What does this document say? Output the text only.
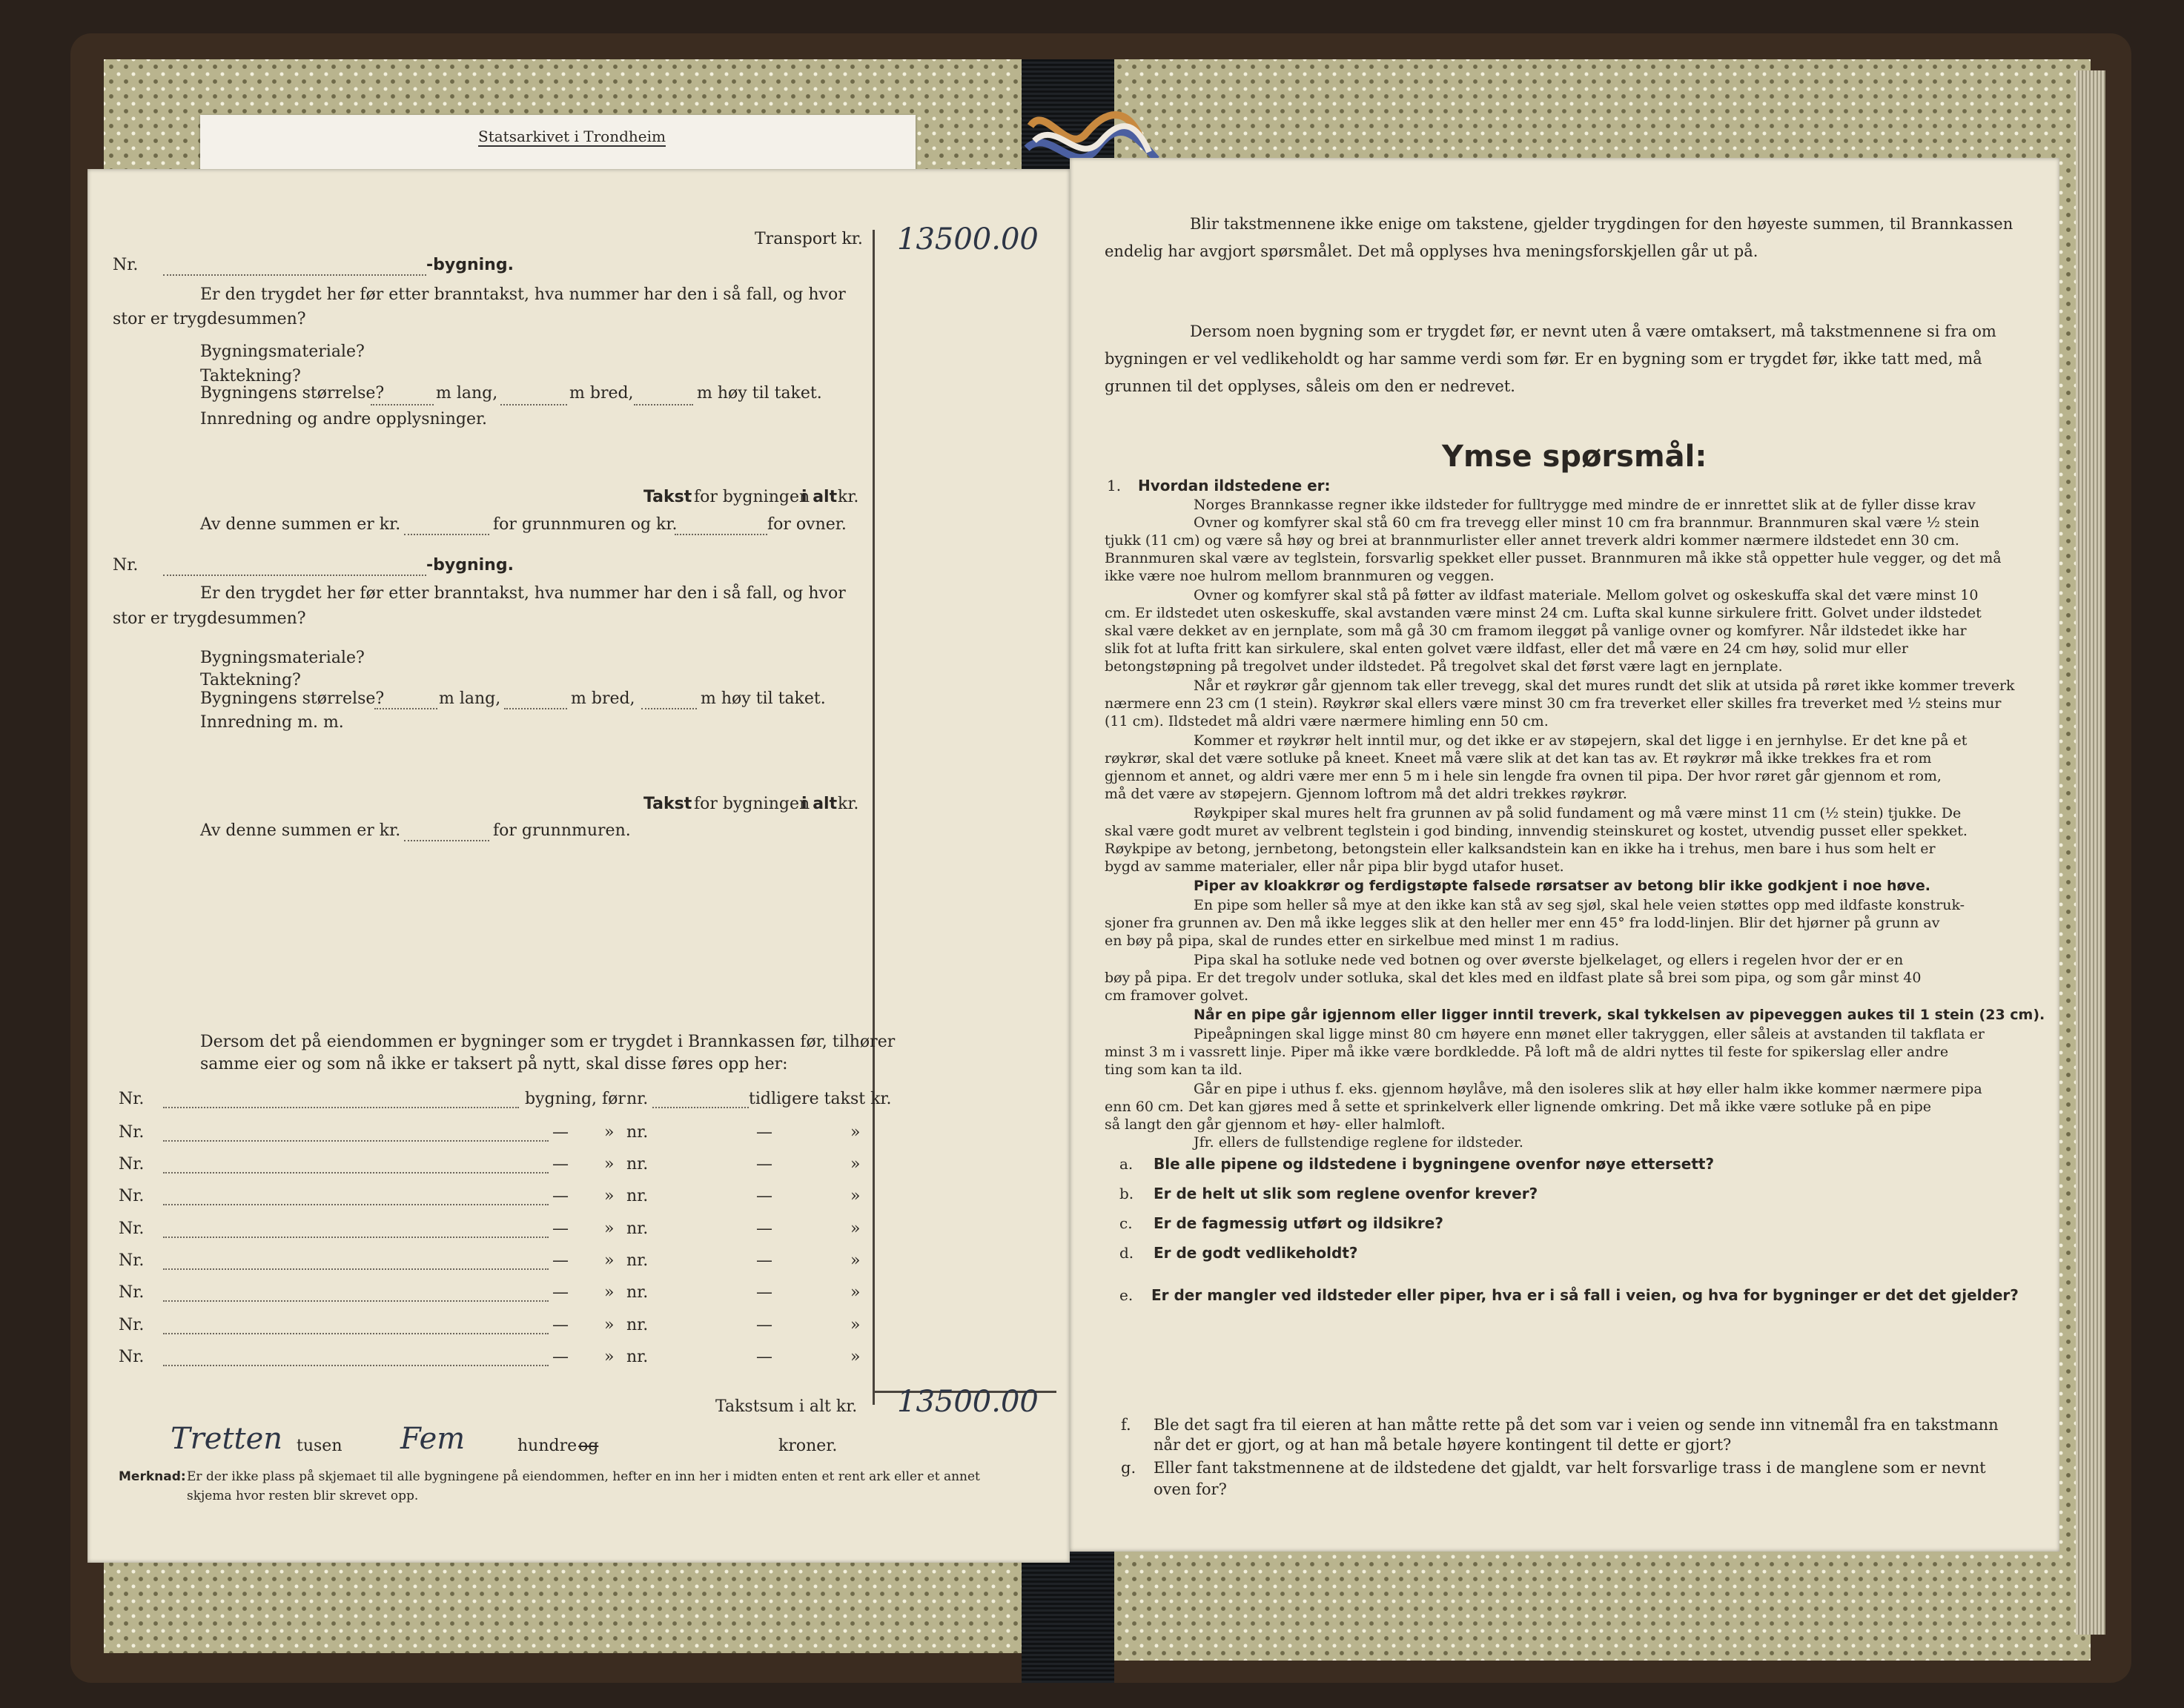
Statsarkivet i Trondheim
Transport kr. 13500.00
Nr.	-bygning.
Er den trygdet her før etter branntakst, hva nummer har den i så fall, og hvor
stor er trygdesummen?
Bygningsmateriale?
Taktekning?
Bygningens størrelse?	m lang,	m bred,	m høy til taket.
Innredning og andre opplysninger.
Takst for bygningen
i alt kr.
Av denne summen er kr.	for grunnmuren og kr.	for ovner.
Nr.	-bygning.
Er den trygdet her før etter branntakst, hva nummer har den i så fall, og hvor
stor er trygdesummen?
Bygningsmateriale?
Taktekning?
Bygningens størrelse?	m lang,	m bred,	m høy til taket.
Innredning m. m.
Takst for bygningen
i alt kr.
Av denne summen er kr.	for grunnmuren.
Dersom det på eiendommen er bygninger som er trygdet i Brannkassen før, tilhører
samme eier og som nå ikke er taksert på nytt, skal disse føres opp her:
Nr.	bygning, før nr.	tidligere takst kr.
Nr.	— » nr.	—	»
Nr.	— » nr.	—	»
Nr.	— » nr.	—	»
Nr.	— » nr.	—	»
Nr.	— » nr.	—	»
Nr.	— » nr.	—	»
Nr.	— » nr.	—	»
Nr.	— » nr.	—	»
Takstsum i alt kr. 13500.00
Tretten tusen Fem	hundre og	kroner.
Merknad: Er der ikke plass på skjemaet til alle bygningene på eiendommen, hefter en inn her i midten enten et rent ark eller et annet
skjema hvor resten blir skrevet opp.
Blir takstmennene ikke enige om takstene, gjelder trygdingen for den høyeste summen, til Brannkassen
endelig har avgjort spørsmålet. Det må opplyses hva meningsforskjellen går ut på.
Dersom noen bygning som er trygdet før, er nevnt uten å være omtaksert, må takstmennene si fra om
bygningen er vel vedlikeholdt og har samme verdi som før. Er en bygning som er trygdet før, ikke tatt med, må
grunnen til det opplyses, såleis om den er nedrevet.
Ymse spørsmål:
1. Hvordan ildstedene er:
Norges Brannkasse regner ikke ildsteder for fulltrygge med mindre de er innrettet slik at de fyller disse krav
Ovner og komfyrer skal stå 60 cm fra trevegg eller minst 10 cm fra brannmur. Brannmuren skal være ½ stein
tjukk (11 cm) og være så høy og brei at brannmurlister eller annet treverk aldri kommer nærmere ildstedet enn 30 cm.
Brannmuren skal være av teglstein, forsvarlig spekket eller pusset. Brannmuren må ikke stå oppetter hule vegger, og det må
ikke være noe hulrom mellom brannmuren og veggen.
Ovner og komfyrer skal stå på føtter av ildfast materiale. Mellom golvet og oskeskuffa skal det være minst 10
cm. Er ildstedet uten oskeskuffe, skal avstanden være minst 24 cm. Lufta skal kunne sirkulere fritt. Golvet under ildstedet
skal være dekket av en jernplate, som må gå 30 cm framom ileggøt på vanlige ovner og komfyrer. Når ildstedet ikke har
slik fot at lufta fritt kan sirkulere, skal enten golvet være ildfast, eller det må være en 24 cm høy, solid mur eller
betongstøpning på tregolvet under ildstedet. På tregolvet skal det først være lagt en jernplate.
Når et røykrør går gjennom tak eller trevegg, skal det mures rundt det slik at utsida på røret ikke kommer treverk
nærmere enn 23 cm (1 stein). Røykrør skal ellers være minst 30 cm fra treverket eller skilles fra treverket med ½ steins mur
(11 cm). Ildstedet må aldri være nærmere himling enn 50 cm.
Kommer et røykrør helt inntil mur, og det ikke er av støpejern, skal det ligge i en jernhylse. Er det kne på et
røykrør, skal det være sotluke på kneet. Kneet må være slik at det kan tas av. Et røykrør må ikke trekkes fra et rom
gjennom et annet, og aldri være mer enn 5 m i hele sin lengde fra ovnen til pipa. Der hvor røret går gjennom et rom,
må det være av støpejern. Gjennom loftrom må det aldri trekkes røykrør.
Røykpiper skal mures helt fra grunnen av på solid fundament og må være minst 11 cm (½ stein) tjukke. De
skal være godt muret av velbrent teglstein i god binding, innvendig steinskuret og kostet, utvendig pusset eller spekket.
Røykpipe av betong, jernbetong, betongstein eller kalksandstein kan en ikke ha i trehus, men bare i hus som helt er
bygd av samme materialer, eller når pipa blir bygd utafor huset.
Piper av kloakkrør og ferdigstøpte falsede rørsatser av betong blir ikke godkjent i noe høve.
En pipe som heller så mye at den ikke kan stå av seg sjøl, skal hele veien støttes opp med ildfaste konstruk-
sjoner fra grunnen av. Den må ikke legges slik at den heller mer enn 45° fra lodd-linjen. Blir det hjørner på grunn av
en bøy på pipa, skal de rundes etter en sirkelbue med minst 1 m radius.
Pipa skal ha sotluke nede ved botnen og over øverste bjelkelaget, og ellers i regelen hvor der er en
bøy på pipa. Er det tregolv under sotluka, skal det kles med en ildfast plate så brei som pipa, og som går minst 40
cm framover golvet.
Når en pipe går igjennom eller ligger inntil treverk, skal tykkelsen av pipeveggen aukes til 1 stein (23 cm).
Pipeåpningen skal ligge minst 80 cm høyere enn mønet eller takryggen, eller såleis at avstanden til takflata er
minst 3 m i vassrett linje. Piper må ikke være bordkledde. På loft må de aldri nyttes til feste for spikerslag eller andre
ting som kan ta ild.
Går en pipe i uthus f. eks. gjennom høylåve, må den isoleres slik at høy eller halm ikke kommer nærmere pipa
enn 60 cm. Det kan gjøres med å sette et sprinkelverk eller lignende omkring. Det må ikke være sotluke på en pipe
så langt den går gjennom et høy- eller halmloft.
Jfr. ellers de fullstendige reglene for ildsteder.
a. Ble alle pipene og ildstedene i bygningene ovenfor nøye ettersett?
b. Er de helt ut slik som reglene ovenfor krever?
c. Er de fagmessig utført og ildsikre?
d. Er de godt vedlikeholdt?
e. Er der mangler ved ildsteder eller piper, hva er i så fall i veien, og hva for bygninger er det det gjelder?
f. Ble det sagt fra til eieren at han måtte rette på det som var i veien og sende inn vitnemål fra en takstmann
når det er gjort, og at han må betale høyere kontingent til dette er gjort?
g. Eller fant takstmennene at de ildstedene det gjaldt, var helt forsvarlige trass i de manglene som er nevnt
oven for?
